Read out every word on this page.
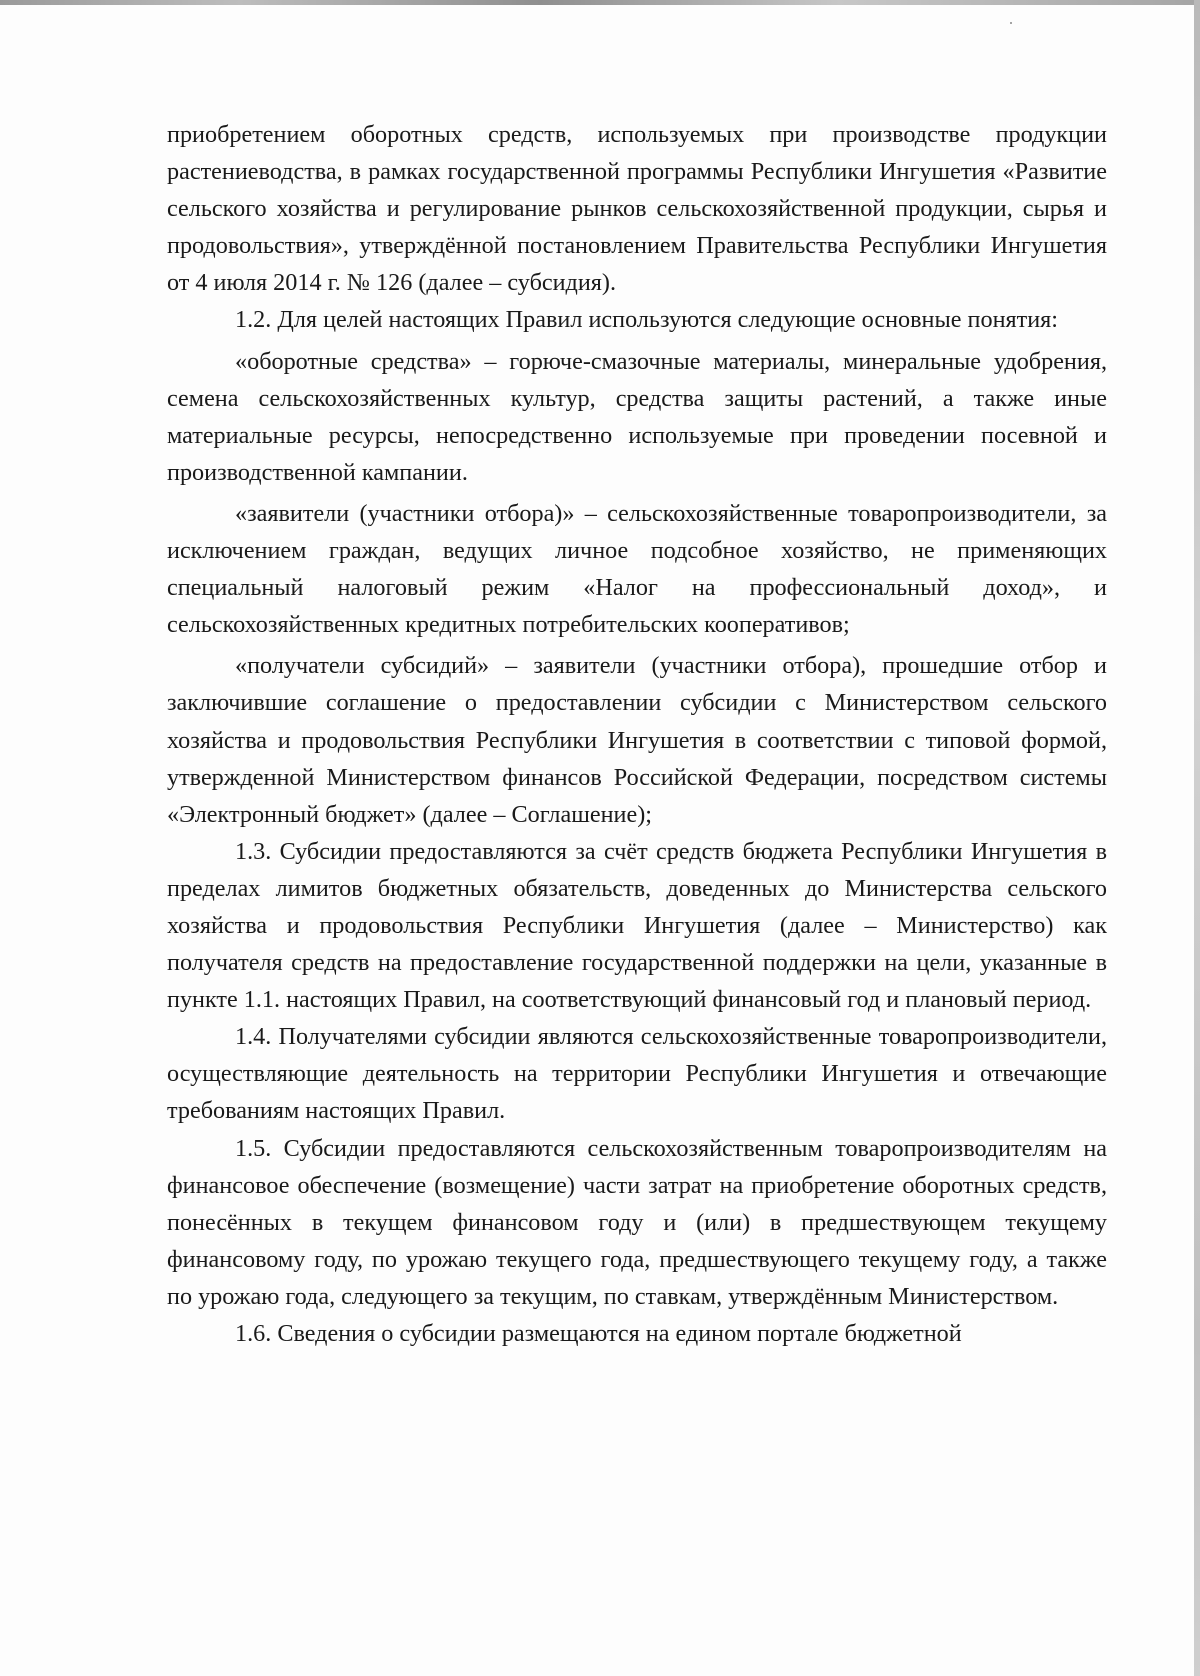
приобретением оборотных средств, используемых при производстве продукции растениеводства, в рамках государственной программы Республики Ингушетия «Развитие сельского хозяйства и регулирование рынков сельскохозяйственной продукции, сырья и продовольствия», утверждённой постановлением Правительства Республики Ингушетия от 4 июля 2014 г. № 126 (далее – субсидия).

1.2. Для целей настоящих Правил используются следующие основные понятия:

«оборотные средства» – горюче-смазочные материалы, минеральные удобрения, семена сельскохозяйственных культур, средства защиты растений, а также иные материальные ресурсы, непосредственно используемые при проведении посевной и производственной кампании.

«заявители (участники отбора)» – сельскохозяйственные товаропроизводители, за исключением граждан, ведущих личное подсобное хозяйство, не применяющих специальный налоговый режим «Налог на профессиональный доход», и сельскохозяйственных кредитных потребительских кооперативов;

«получатели субсидий» – заявители (участники отбора), прошедшие отбор и заключившие соглашение о предоставлении субсидии с Министерством сельского хозяйства и продовольствия Республики Ингушетия в соответствии с типовой формой, утвержденной Министерством финансов Российской Федерации, посредством системы «Электронный бюджет» (далее – Соглашение);

1.3. Субсидии предоставляются за счёт средств бюджета Республики Ингушетия в пределах лимитов бюджетных обязательств, доведенных до Министерства сельского хозяйства и продовольствия Республики Ингушетия (далее – Министерство) как получателя средств на предоставление государственной поддержки на цели, указанные в пункте 1.1. настоящих Правил, на соответствующий финансовый год и плановый период.

1.4. Получателями субсидии являются сельскохозяйственные товаропроизводители, осуществляющие деятельность на территории Республики Ингушетия и отвечающие требованиям настоящих Правил.

1.5. Субсидии предоставляются сельскохозяйственным товаропроизводителям на финансовое обеспечение (возмещение) части затрат на приобретение оборотных средств, понесённых в текущем финансовом году и (или) в предшествующем текущему финансовому году, по урожаю текущего года, предшествующего текущему году, а также по урожаю года, следующего за текущим, по ставкам, утверждённым Министерством.

1.6. Сведения о субсидии размещаются на едином портале бюджетной
